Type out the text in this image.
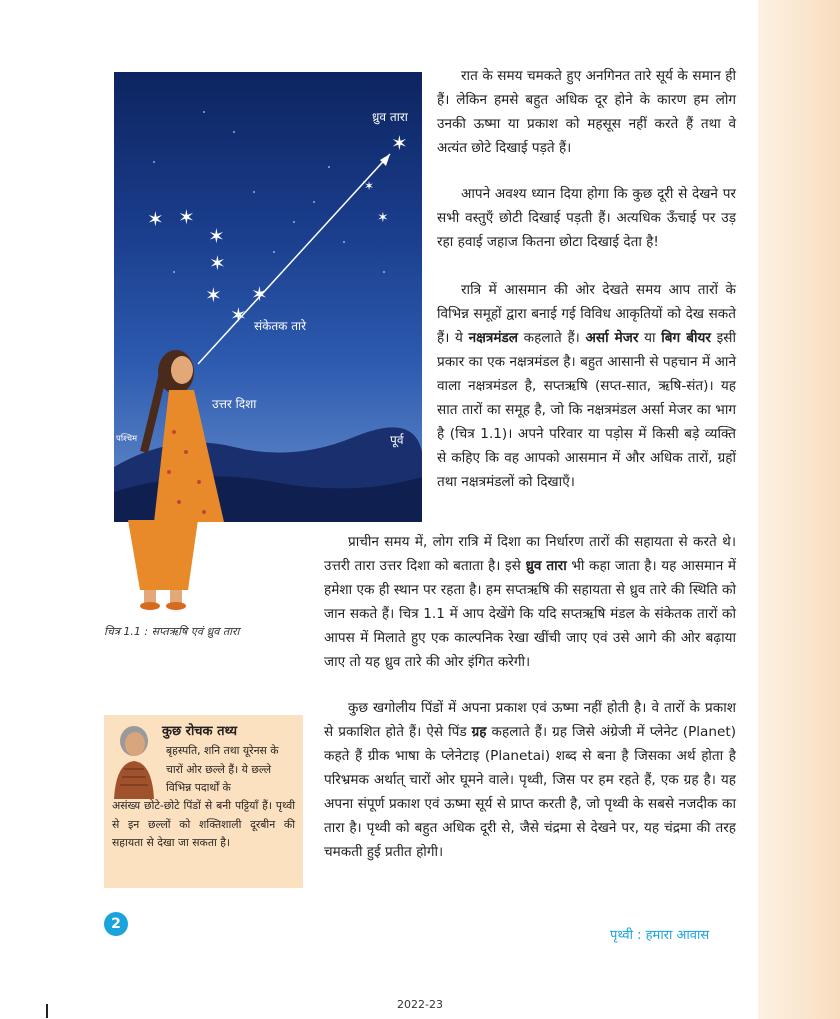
✶ ✶
✶
✶
✶ ✶
✶
✶
✶
✶
ध्रुव तारा
संकेतक तारे
उत्तर दिशा
पश्चिम	पूर्व
चित्र 1.1 : सप्तऋषि एवं ध्रुव तारा

रात के समय चमकते हुए अनगिनत तारे सूर्य के समान ही हैं। लेकिन हमसे बहुत अधिक दूर होने के कारण हम लोग उनकी ऊष्मा या प्रकाश को महसूस नहीं करते हैं तथा वे अत्यंत छोटे दिखाई पड़ते हैं।

आपने अवश्य ध्यान दिया होगा कि कुछ दूरी से देखने पर सभी वस्तुएँ छोटी दिखाई पड़ती हैं। अत्यधिक ऊँचाई पर उड़ रहा हवाई जहाज कितना छोटा दिखाई देता है!

रात्रि में आसमान की ओर देखते समय आप तारों के विभिन्न समूहों द्वारा बनाई गई विविध आकृतियों को देख सकते हैं। ये नक्षत्रमंडल कहलाते हैं। अर्सा मेजर या बिग बीयर इसी प्रकार का एक नक्षत्रमंडल है। बहुत आसानी से पहचान में आने वाला नक्षत्रमंडल है, सप्तऋषि (सप्त-सात, ऋषि-संत)। यह सात तारों का समूह है, जो कि नक्षत्रमंडल अर्सा मेजर का भाग है (चित्र 1.1)। अपने परिवार या पड़ोस में किसी बड़े व्यक्ति से कहिए कि वह आपको आसमान में और अधिक तारों, ग्रहों तथा नक्षत्रमंडलों को दिखाएँ।

प्राचीन समय में, लोग रात्रि में दिशा का निर्धारण तारों की सहायता से करते थे। उत्तरी तारा उत्तर दिशा को बताता है। इसे ध्रुव तारा भी कहा जाता है। यह आसमान में हमेशा एक ही स्थान पर रहता है। हम सप्तऋषि की सहायता से ध्रुव तारे की स्थिति को जान सकते हैं। चित्र 1.1 में आप देखेंगे कि यदि सप्तऋषि मंडल के संकेतक तारों को आपस में मिलाते हुए एक काल्पनिक रेखा खींची जाए एवं उसे आगे की ओर बढ़ाया जाए तो यह ध्रुव तारे की ओर इंगित करेगी।

कुछ खगोलीय पिंडों में अपना प्रकाश एवं ऊष्मा नहीं होती है। वे तारों के प्रकाश से प्रकाशित होते हैं। ऐसे पिंड ग्रह कहलाते हैं। ग्रह जिसे अंग्रेजी में प्लेनेट (Planet) कहते हैं ग्रीक भाषा के प्लेनेटाइ (Planetai) शब्द से बना है जिसका अर्थ होता है परिभ्रमक अर्थात् चारों ओर घूमने वाले। पृथ्वी, जिस पर हम रहते हैं, एक ग्रह है। यह अपना संपूर्ण प्रकाश एवं ऊष्मा सूर्य से प्राप्त करती है, जो पृथ्वी के सबसे नजदीक का तारा है। पृथ्वी को बहुत अधिक दूरी से, जैसे चंद्रमा से देखने पर, यह चंद्रमा की तरह चमकती हुई प्रतीत होगी।

कुछ रोचक तथ्य

बृहस्पति, शनि तथा यूरेनस के चारों ओर छल्ले हैं। ये छल्ले विभिन्न पदार्थों के

असंख्य छोटे-छोटे पिंडों से बनी पट्टियाँ हैं। पृथ्वी से इन छल्लों को शक्तिशाली दूरबीन की सहायता से देखा जा सकता है।

2
पृथ्वी : हमारा आवास
2022-23
